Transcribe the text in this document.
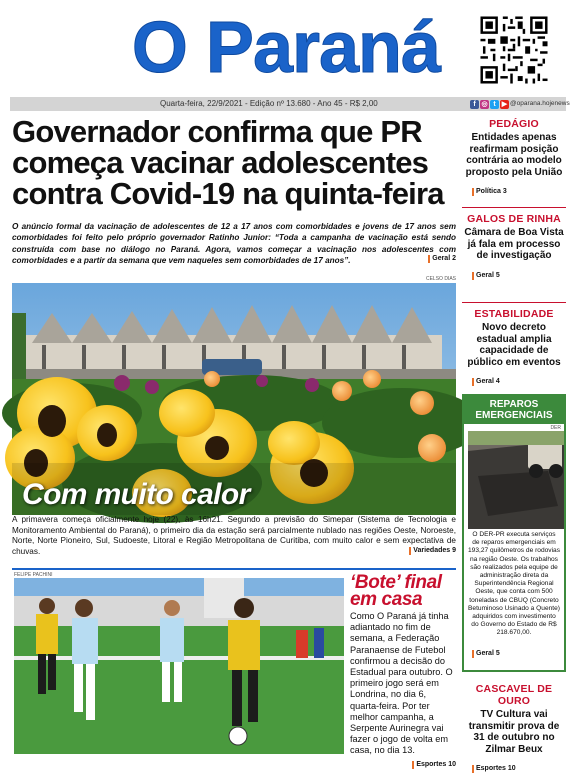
O Paraná
Quarta-feira, 22/9/2021 - Edição nº 13.680 - Ano 45 - R$ 2,00	f ◎ t ▶ @oparana.hojenews
Governador confirma que PR começa vacinar adolescentes contra Covid-19 na quinta-feira
O anúncio formal da vacinação de adolescentes de 12 a 17 anos com comorbidades e jovens de 17 anos sem comorbidades foi feito pelo próprio governador Ratinho Junior: “Toda a campanha de vacinação está sendo construída com base no diálogo no Paraná. Agora, vamos começar a vacinação nos adolescentes com comorbidades e a partir da semana que vem naqueles sem comorbidades de 17 anos”.	Geral 2
CELSO DIAS
Com muito calor
A primavera começa oficialmente hoje (22), às 16h21. Segundo a previsão do Simepar (Sistema de Tecnologia e Monitoramento Ambiental do Paraná), o primeiro dia da estação será parcialmente nublado nas regiões Oeste, Noroeste, Norte, Norte Pioneiro, Sul, Sudoeste, Litoral e Região Metropolitana de Curitiba, com muito calor e sem expectativa de chuvas.	Variedades 9
PEDÁGIO
Entidades apenas reafirmam posição contrária ao modelo proposto pela União
Política 3
GALOS DE RINHA
Câmara de Boa Vista já fala em processo de investigação
Geral 5
ESTABILIDADE
Novo decreto estadual amplia capacidade de público em eventos
Geral 4
REPAROS EMERGENCIAIS
DER
O DER-PR executa serviços de reparos emergenciais em 193,27 quilômetros de rodovias na região Oeste. Os trabalhos são realizados pela equipe de administração direta da Superintendência Regional Oeste, que conta com 500 toneladas de CBUQ (Concreto Betuminoso Usinado a Quente) adquiridos com investimento do Governo do Estado de R$ 218.670,00.
Geral 5
CASCAVEL DE OURO
TV Cultura vai transmitir prova de 31 de outubro no Zilmar Beux
Esportes 10
FELIPE PACHINI	‘Bote’ final em casa
Como O Paraná já tinha adiantado no fim de semana, a Federação Paranaense de Futebol confirmou a decisão do Estadual para outubro. O primeiro jogo será em Londrina, no dia 6, quarta-feira. Por ter melhor campanha, a Serpente Aurinegra vai fazer o jogo de volta em casa, no dia 13.
Esportes 10
